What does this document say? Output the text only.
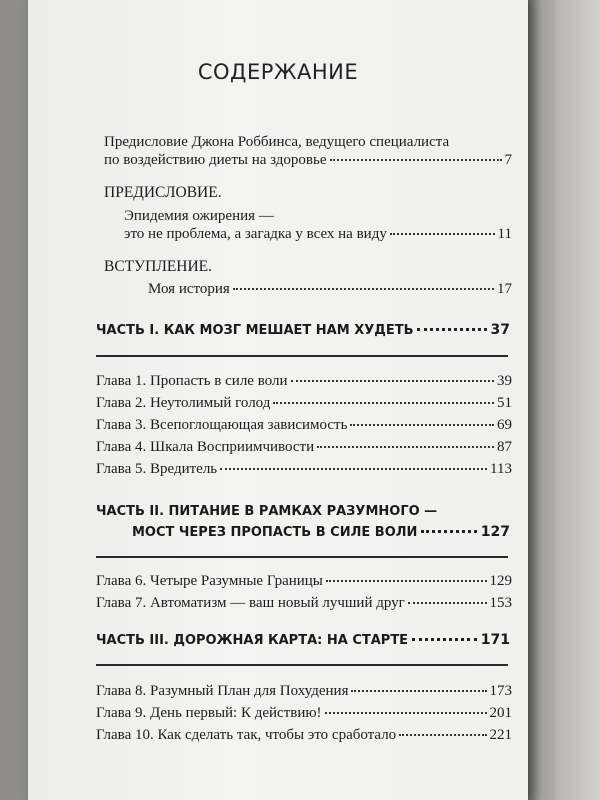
СОДЕРЖАНИЕ
Предисловие Джона Роббинса, ведущего специалиста
по воздействию диеты на здоровье	7
ПРЕДИСЛОВИЕ.
Эпидемия ожирения —
это не проблема, а загадка у всех на виду	11
ВСТУПЛЕНИЕ.
Моя история	17
ЧАСТЬ I. КАК МОЗГ МЕШАЕТ НАМ ХУДЕТЬ	37
Глава 1. Пропасть в силе воли	39
Глава 2. Неутолимый голод	51
Глава 3. Всепоглощающая зависимость	69
Глава 4. Шкала Восприимчивости	87
Глава 5. Вредитель	113
ЧАСТЬ II. ПИТАНИЕ В РАМКАХ РАЗУМНОГО —
МОСТ ЧЕРЕЗ ПРОПАСТЬ В СИЛЕ ВОЛИ	127
Глава 6. Четыре Разумные Границы	129
Глава 7. Автоматизм — ваш новый лучший друг	153
ЧАСТЬ III. ДОРОЖНАЯ КАРТА: НА СТАРТЕ	171
Глава 8. Разумный План для Похудения	173
Глава 9. День первый: К действию!	201
Глава 10. Как сделать так, чтобы это сработало	221
